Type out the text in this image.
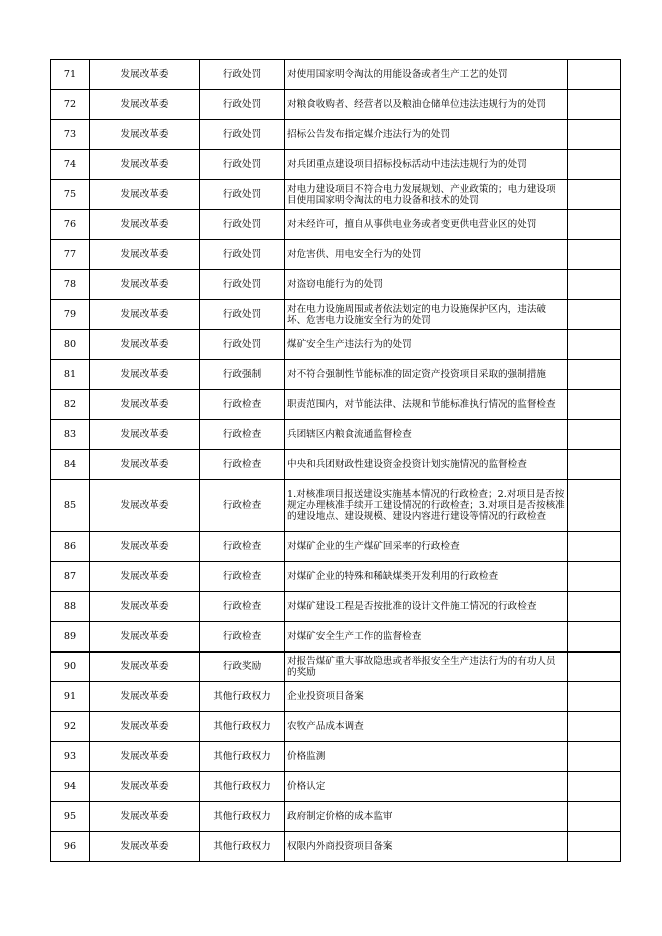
71	发展改革委	行政处罚	对使用国家明令淘汰的用能设备或者生产工艺的处罚	
72	发展改革委	行政处罚	对粮食收购者、经营者以及粮油仓储单位违法违规行为的处罚	
73	发展改革委	行政处罚	招标公告发布指定媒介违法行为的处罚	
74	发展改革委	行政处罚	对兵团重点建设项目招标投标活动中违法违规行为的处罚	
75	发展改革委	行政处罚	对电力建设项目不符合电力发展规划、产业政策的；电力建设项目使用国家明令淘汰的电力设备和技术的处罚	
76	发展改革委	行政处罚	对未经许可，擅自从事供电业务或者变更供电营业区的处罚	
77	发展改革委	行政处罚	对危害供、用电安全行为的处罚	
78	发展改革委	行政处罚	对盗窃电能行为的处罚	
79	发展改革委	行政处罚	对在电力设施周围或者依法划定的电力设施保护区内，违法破坏、危害电力设施安全行为的处罚	
80	发展改革委	行政处罚	煤矿安全生产违法行为的处罚	
81	发展改革委	行政强制	对不符合强制性节能标准的固定资产投资项目采取的强制措施	
82	发展改革委	行政检查	职责范围内，对节能法律、法规和节能标准执行情况的监督检查	
83	发展改革委	行政检查	兵团辖区内粮食流通监督检查	
84	发展改革委	行政检查	中央和兵团财政性建设资金投资计划实施情况的监督检查	
85	发展改革委	行政检查	1.对核准项目报送建设实施基本情况的行政检查；2.对项目是否按规定办理核准手续开工建设情况的行政检查；3.对项目是否按核准的建设地点、建设规模、建设内容进行建设等情况的行政检查	
86	发展改革委	行政检查	对煤矿企业的生产煤矿回采率的行政检查	
87	发展改革委	行政检查	对煤矿企业的特殊和稀缺煤类开发利用的行政检查	
88	发展改革委	行政检查	对煤矿建设工程是否按批准的设计文件施工情况的行政检查	
89	发展改革委	行政检查	对煤矿安全生产工作的监督检查	
90	发展改革委	行政奖励	对报告煤矿重大事故隐患或者举报安全生产违法行为的有功人员的奖励	
91	发展改革委	其他行政权力	企业投资项目备案	
92	发展改革委	其他行政权力	农牧产品成本调查	
93	发展改革委	其他行政权力	价格监测	
94	发展改革委	其他行政权力	价格认定	
95	发展改革委	其他行政权力	政府制定价格的成本监审	
96	发展改革委	其他行政权力	权限内外商投资项目备案	
